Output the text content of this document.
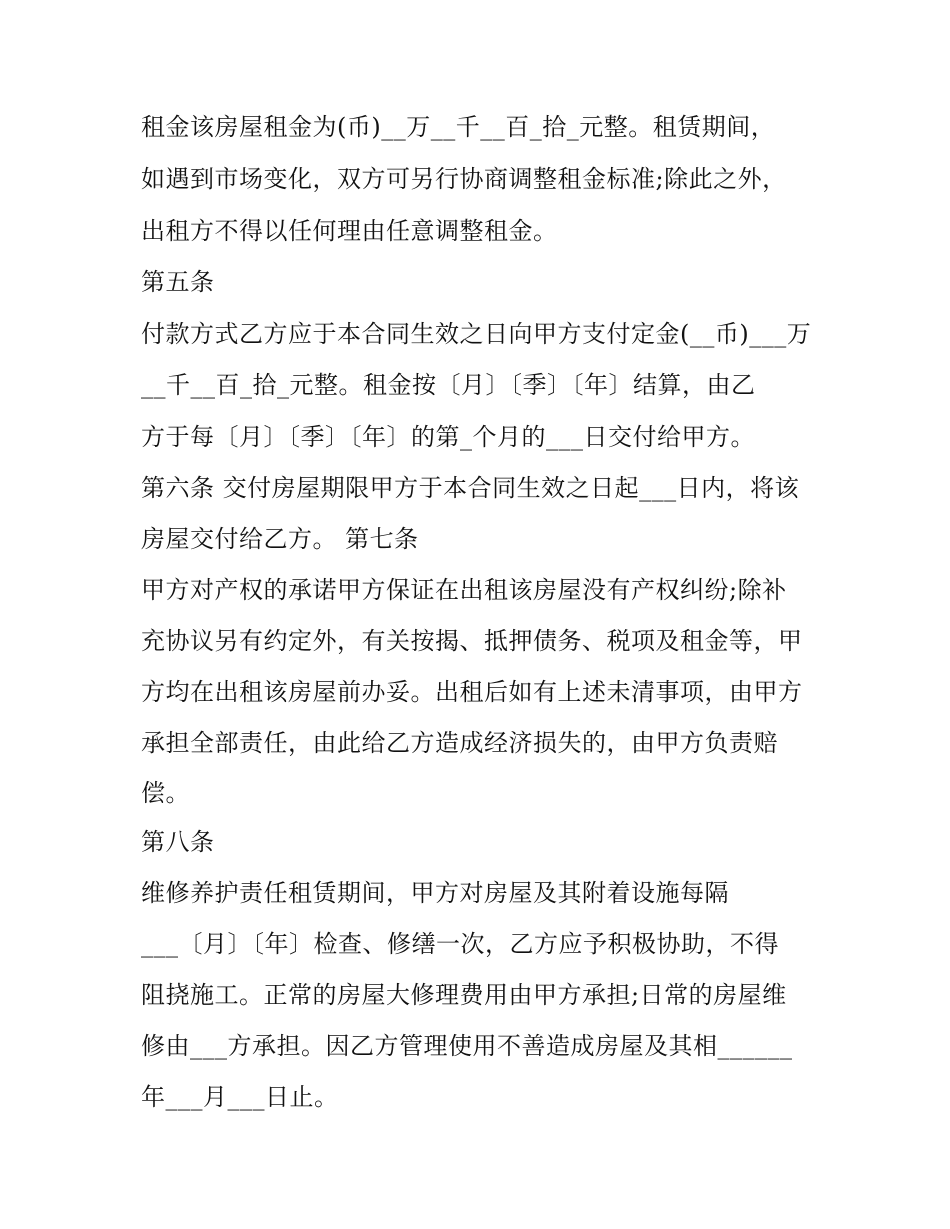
租金该房屋租金为(币)__万__千__百_拾_元整。租赁期间，
如遇到市场变化，双方可另行协商调整租金标准;除此之外，
出租方不得以任何理由任意调整租金。
第五条
付款方式乙方应于本合同生效之日向甲方支付定金(__币)___万
__千__百_拾_元整。租金按〔月〕〔季〕〔年〕结算，由乙
方于每〔月〕〔季〕〔年〕的第_个月的___日交付给甲方。
第六条 交付房屋期限甲方于本合同生效之日起___日内，将该
房屋交付给乙方。 第七条
甲方对产权的承诺甲方保证在出租该房屋没有产权纠纷;除补
充协议另有约定外，有关按揭、抵押债务、税项及租金等，甲
方均在出租该房屋前办妥。出租后如有上述未清事项，由甲方
承担全部责任，由此给乙方造成经济损失的，由甲方负责赔
偿。
第八条
维修养护责任租赁期间，甲方对房屋及其附着设施每隔
___〔月〕〔年〕检查、修缮一次，乙方应予积极协助，不得
阻挠施工。正常的房屋大修理费用由甲方承担;日常的房屋维
修由___方承担。因乙方管理使用不善造成房屋及其相______
年___月___日止。
